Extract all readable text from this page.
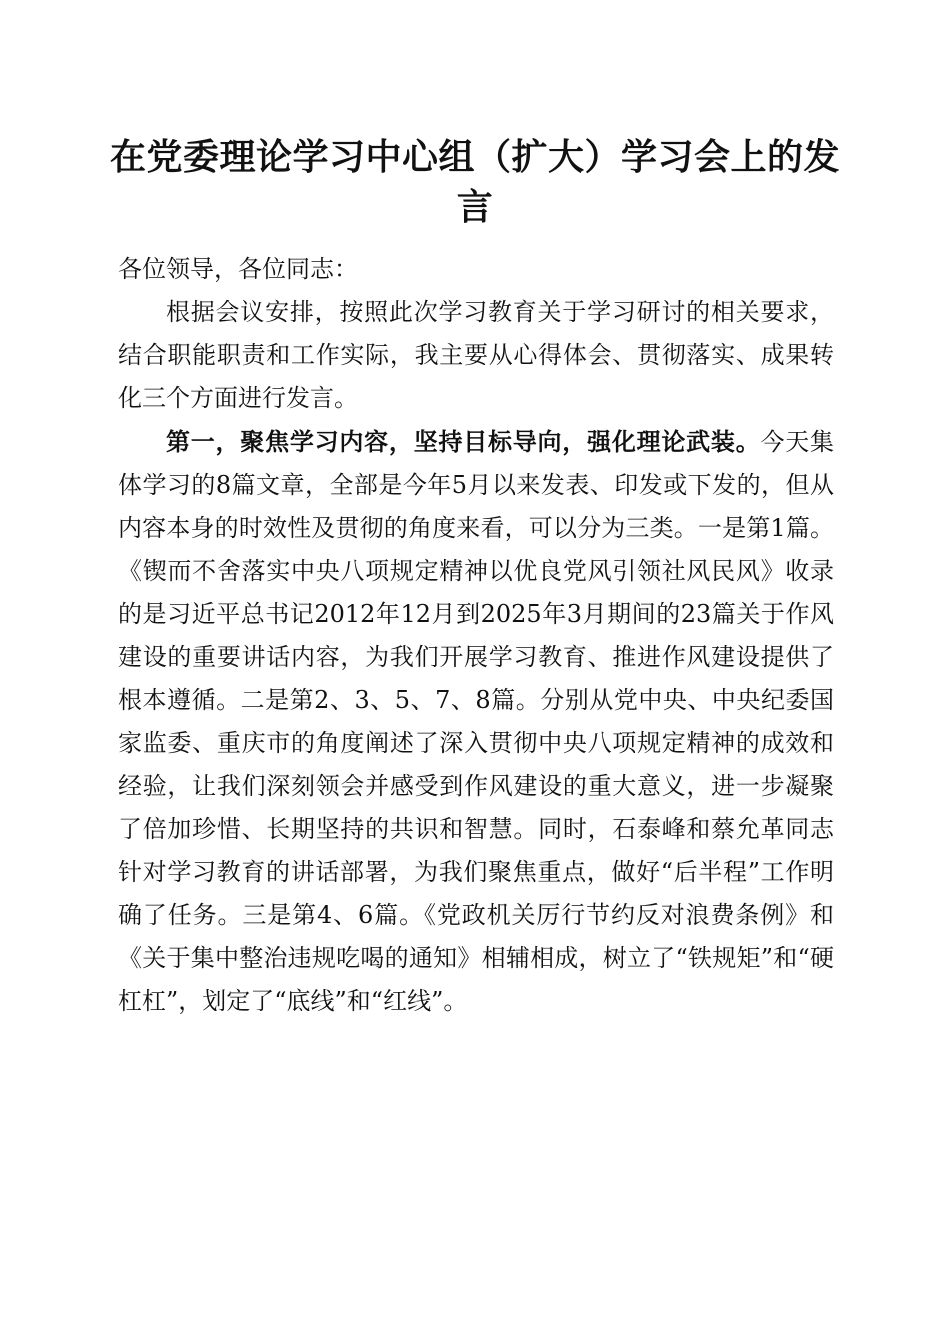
在党委理论学习中心组（扩大）学习会上的发言

各位领导，各位同志：

根据会议安排，按照此次学习教育关于学习研讨的相关要求，结合职能职责和工作实际，我主要从心得体会、贯彻落实、成果转化三个方面进行发言。

第一，聚焦学习内容，坚持目标导向，强化理论武装。今天集体学习的8篇文章，全部是今年5月以来发表、印发或下发的，但从内容本身的时效性及贯彻的角度来看，可以分为三类。一是第1篇。《锲而不舍落实中央八项规定精神以优良党风引领社风民风》收录的是习近平总书记2012年12月到2025年3月期间的23篇关于作风建设的重要讲话内容，为我们开展学习教育、推进作风建设提供了根本遵循。二是第2、3、5、7、8篇。分别从党中央、中央纪委国家监委、重庆市的角度阐述了深入贯彻中央八项规定精神的成效和经验，让我们深刻领会并感受到作风建设的重大意义，进一步凝聚了倍加珍惜、长期坚持的共识和智慧。同时，石泰峰和蔡允革同志针对学习教育的讲话部署，为我们聚焦重点，做好“后半程”工作明确了任务。三是第4、6篇。《党政机关厉行节约反对浪费条例》和《关于集中整治违规吃喝的通知》相辅相成，树立了“铁规矩”和“硬杠杠”，划定了“底线”和“红线”。
